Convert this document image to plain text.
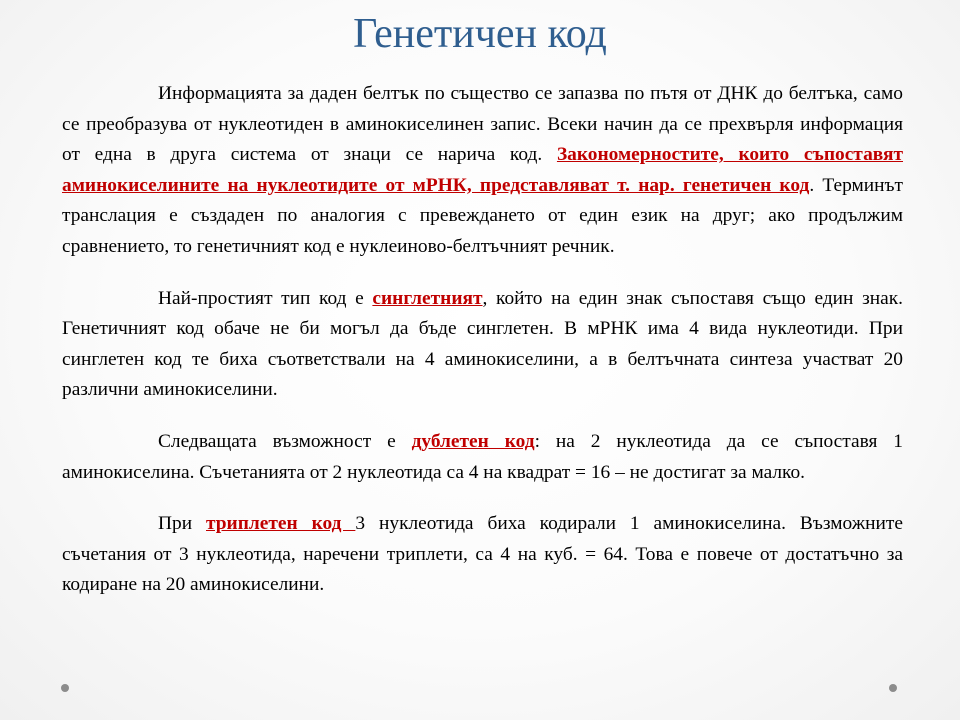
Генетичен код

Информацията за даден белтък по същество се запазва по пътя от ДНК до белтъка, само се преобразува от нуклеотиден в аминокиселинен запис. Всеки начин да се прехвърля информация от една в друга система от знаци се нарича код. Закономерностите, които съпоставят аминокиселините на нуклеотидите от мРНК, представляват т. нар. генетичен код. Терминът транслация е създаден по аналогия с превеждането от един език на друг; ако продължим сравнението, то генетичният код е нуклеиново-белтъчният речник.

Най-простият тип код е синглетният, който на един знак съпоставя също един знак. Генетичният код обаче не би могъл да бъде синглетен. В мРНК има 4 вида нуклеотиди. При синглетен код те биха съответствали на 4 аминокиселини, а в белтъчната синтеза участват 20 различни аминокиселини.

Следващата възможност е дублетен код: на 2 нуклеотида да се съпоставя 1 аминокиселина. Съчетанията от 2 нуклеотида са 4 на квадрат = 16 – не достигат за малко.

При триплетен код 3 нуклеотида биха кодирали 1 аминокиселина. Възможните съчетания от 3 нуклеотида, наречени триплети, са 4 на куб. = 64. Това е повече от достатъчно за кодиране на 20 аминокиселини.
